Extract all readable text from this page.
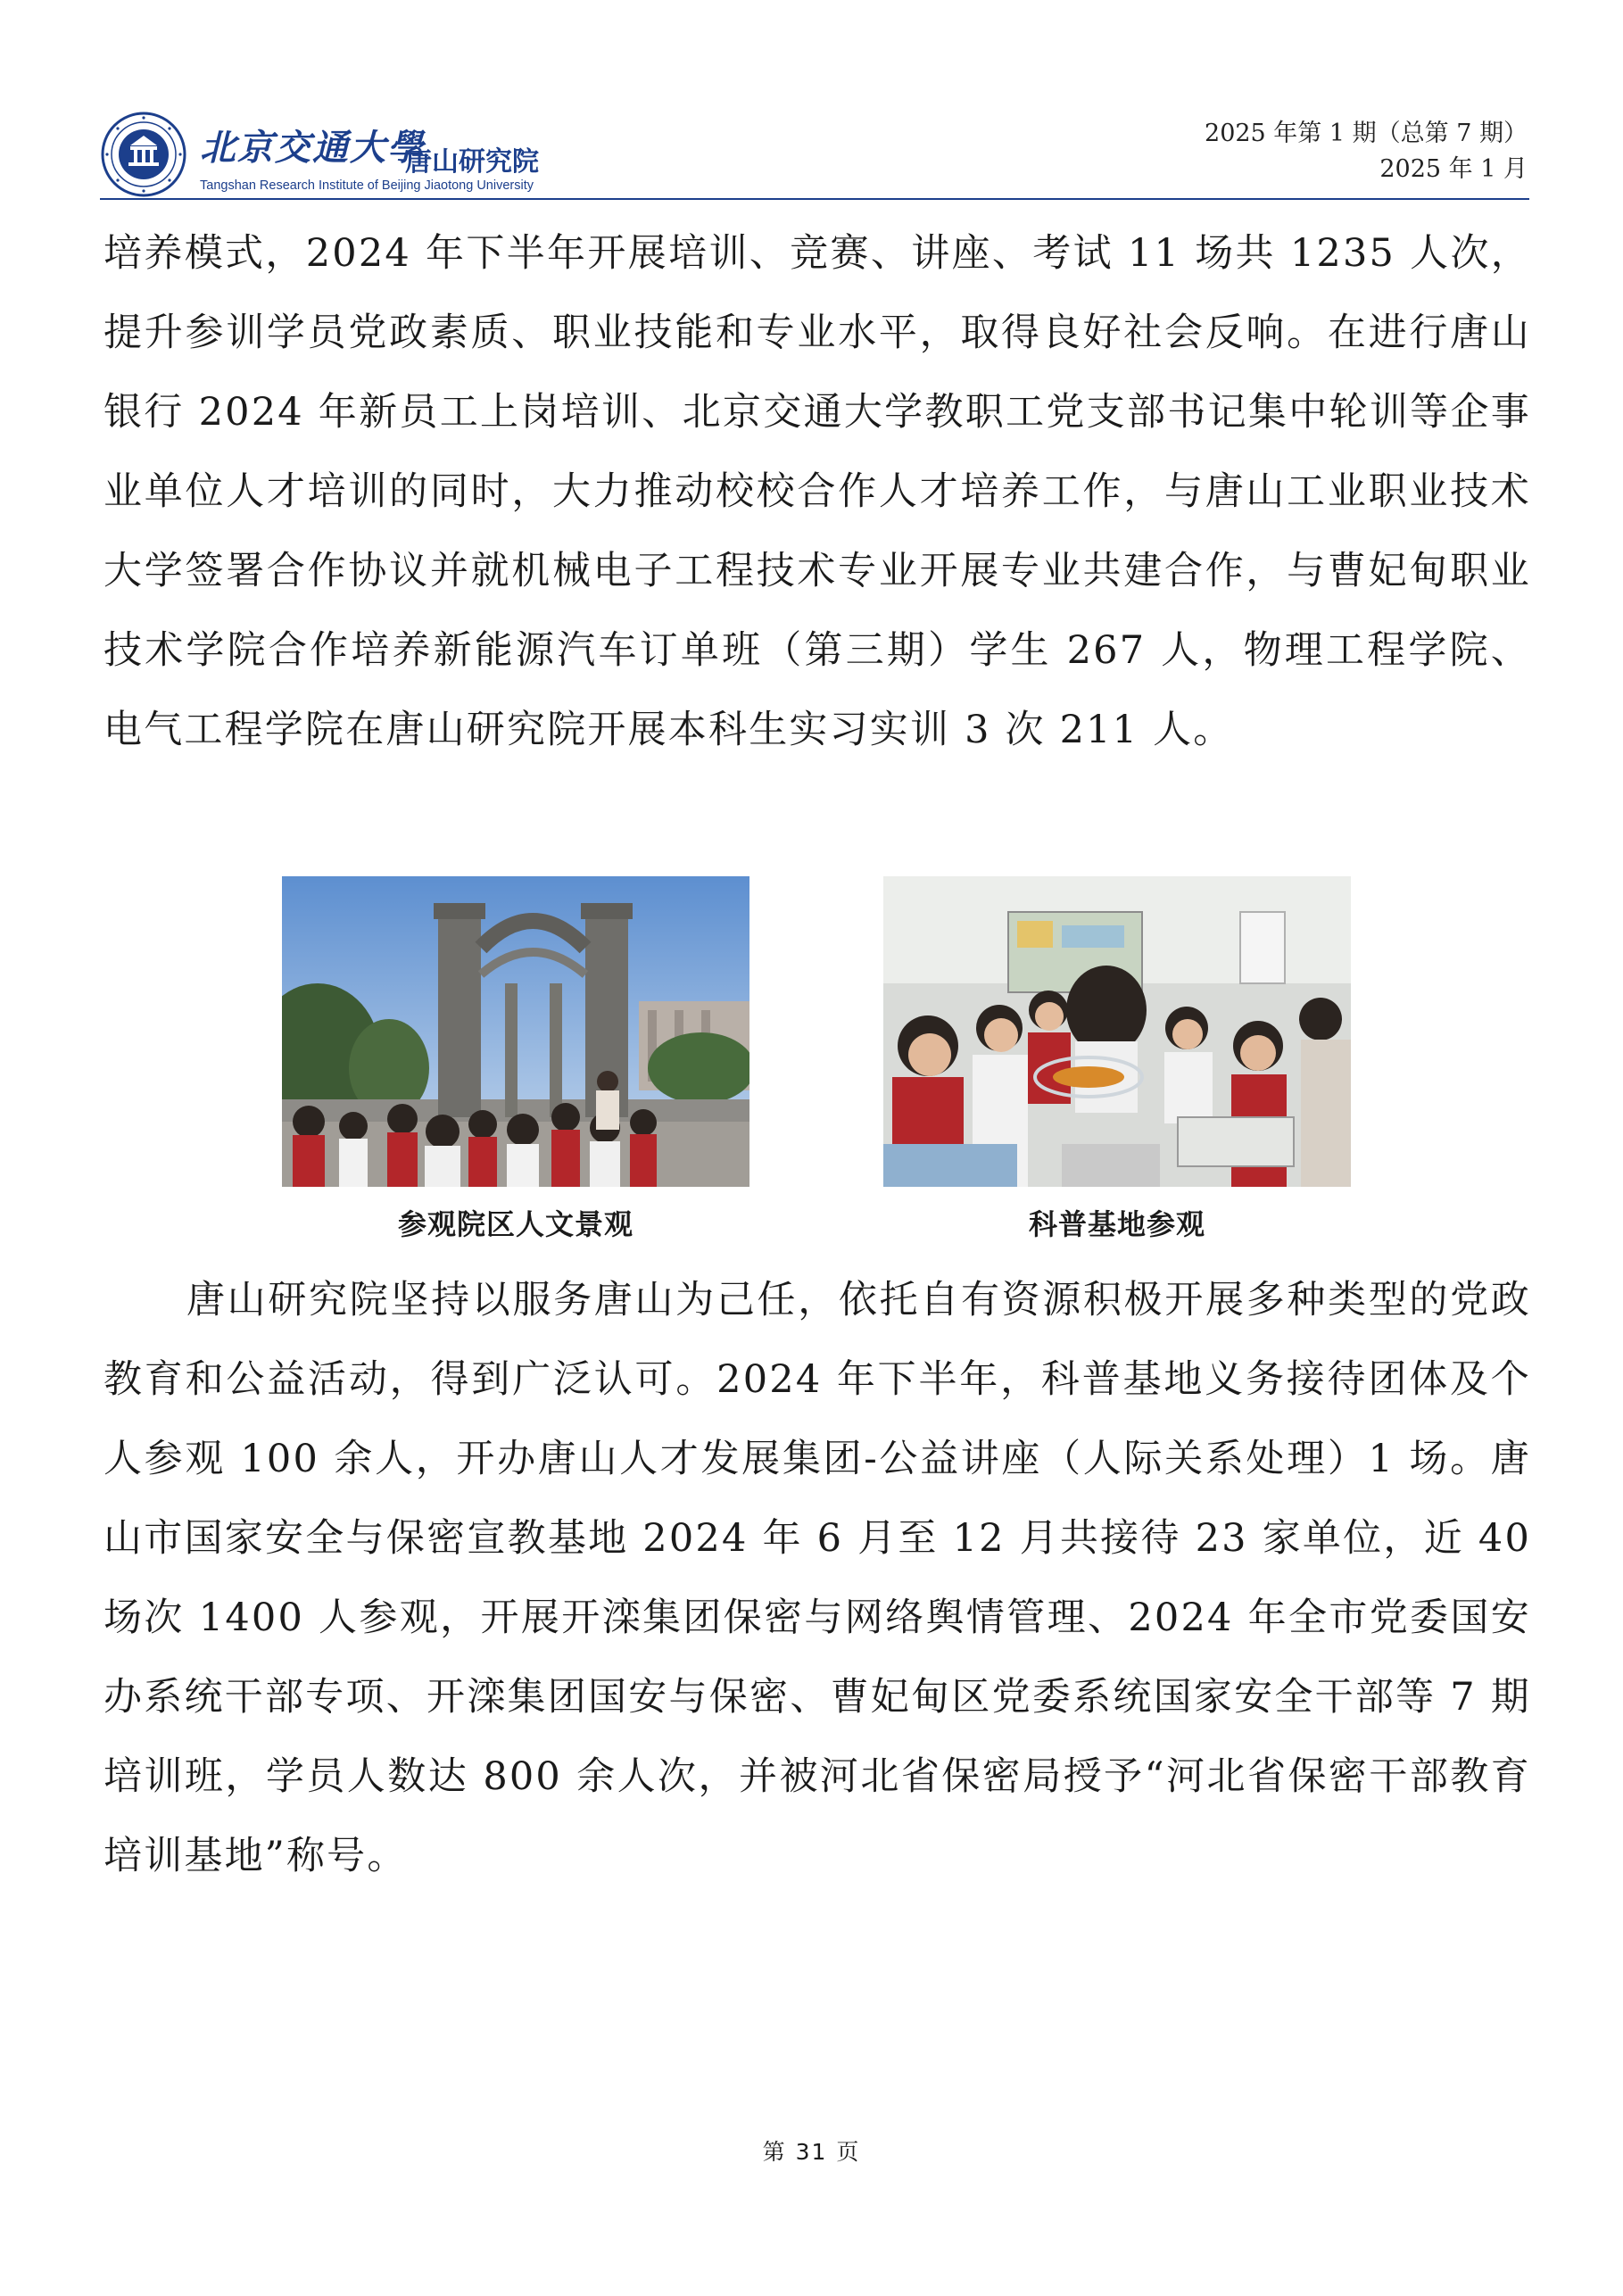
北京交通大學
唐山研究院
Tangshan Research Institute of Beijing Jiaotong University
2025 年第 1 期（总第 7 期）
2025 年 1 月

培养模式，2024 年下半年开展培训、竞赛、讲座、考试 11 场共 1235 人次，提升参训学员党政素质、职业技能和专业水平，取得良好社会反响。在进行唐山银行 2024 年新员工上岗培训、北京交通大学教职工党支部书记集中轮训等企事业单位人才培训的同时，大力推动校校合作人才培养工作，与唐山工业职业技术大学签署合作协议并就机械电子工程技术专业开展专业共建合作，与曹妃甸职业技术学院合作培养新能源汽车订单班（第三期）学生 267 人，物理工程学院、电气工程学院在唐山研究院开展本科生实习实训 3 次 211 人。

参观院区人文景观	科普基地参观

唐山研究院坚持以服务唐山为己任，依托自有资源积极开展多种类型的党政教育和公益活动，得到广泛认可。2024 年下半年，科普基地义务接待团体及个人参观 100 余人，开办唐山人才发展集团-公益讲座（人际关系处理）1 场。唐山市国家安全与保密宣教基地 2024 年 6 月至 12 月共接待 23 家单位，近 40 场次 1400 人参观，开展开滦集团保密与网络舆情管理、2024 年全市党委国安办系统干部专项、开滦集团国安与保密、曹妃甸区党委系统国家安全干部等 7 期培训班，学员人数达 800 余人次，并被河北省保密局授予“河北省保密干部教育培训基地”称号。

第 31 页
